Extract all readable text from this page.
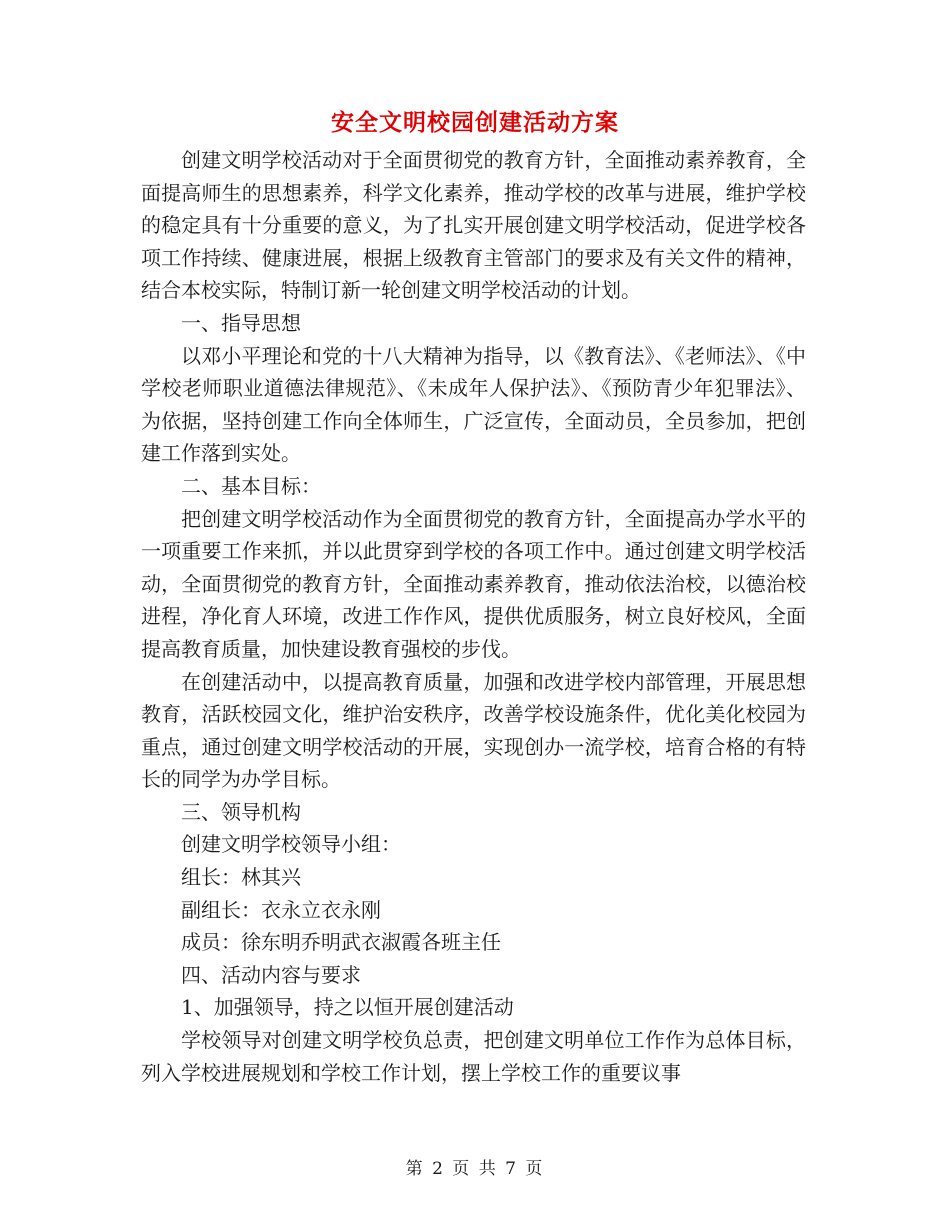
安全文明校园创建活动方案

创建文明学校活动对于全面贯彻党的教育方针，全面推动素养教育，全面提高师生的思想素养，科学文化素养，推动学校的改革与进展，维护学校的稳定具有十分重要的意义，为了扎实开展创建文明学校活动，促进学校各项工作持续、健康进展，根据上级教育主管部门的要求及有关文件的精神，结合本校实际，特制订新一轮创建文明学校活动的计划。

一、指导思想

以邓小平理论和党的十八大精神为指导，以《教育法》、《老师法》、《中学校老师职业道德法律规范》、《未成年人保护法》、《预防青少年犯罪法》、为依据，坚持创建工作向全体师生，广泛宣传，全面动员，全员参加，把创建工作落到实处。

二、基本目标：

把创建文明学校活动作为全面贯彻党的教育方针，全面提高办学水平的一项重要工作来抓，并以此贯穿到学校的各项工作中。通过创建文明学校活动，全面贯彻党的教育方针，全面推动素养教育，推动依法治校，以德治校进程，净化育人环境，改进工作作风，提供优质服务，树立良好校风，全面提高教育质量，加快建设教育强校的步伐。

在创建活动中，以提高教育质量，加强和改进学校内部管理，开展思想教育，活跃校园文化，维护治安秩序，改善学校设施条件，优化美化校园为重点，通过创建文明学校活动的开展，实现创办一流学校，培育合格的有特长的同学为办学目标。

三、领导机构

创建文明学校领导小组：

组长：林其兴

副组长：衣永立衣永刚

成员：徐东明乔明武衣淑霞各班主任

四、活动内容与要求

1、加强领导，持之以恒开展创建活动

学校领导对创建文明学校负总责，把创建文明单位工作作为总体目标，列入学校进展规划和学校工作计划，摆上学校工作的重要议事

第 2 页 共 7 页
